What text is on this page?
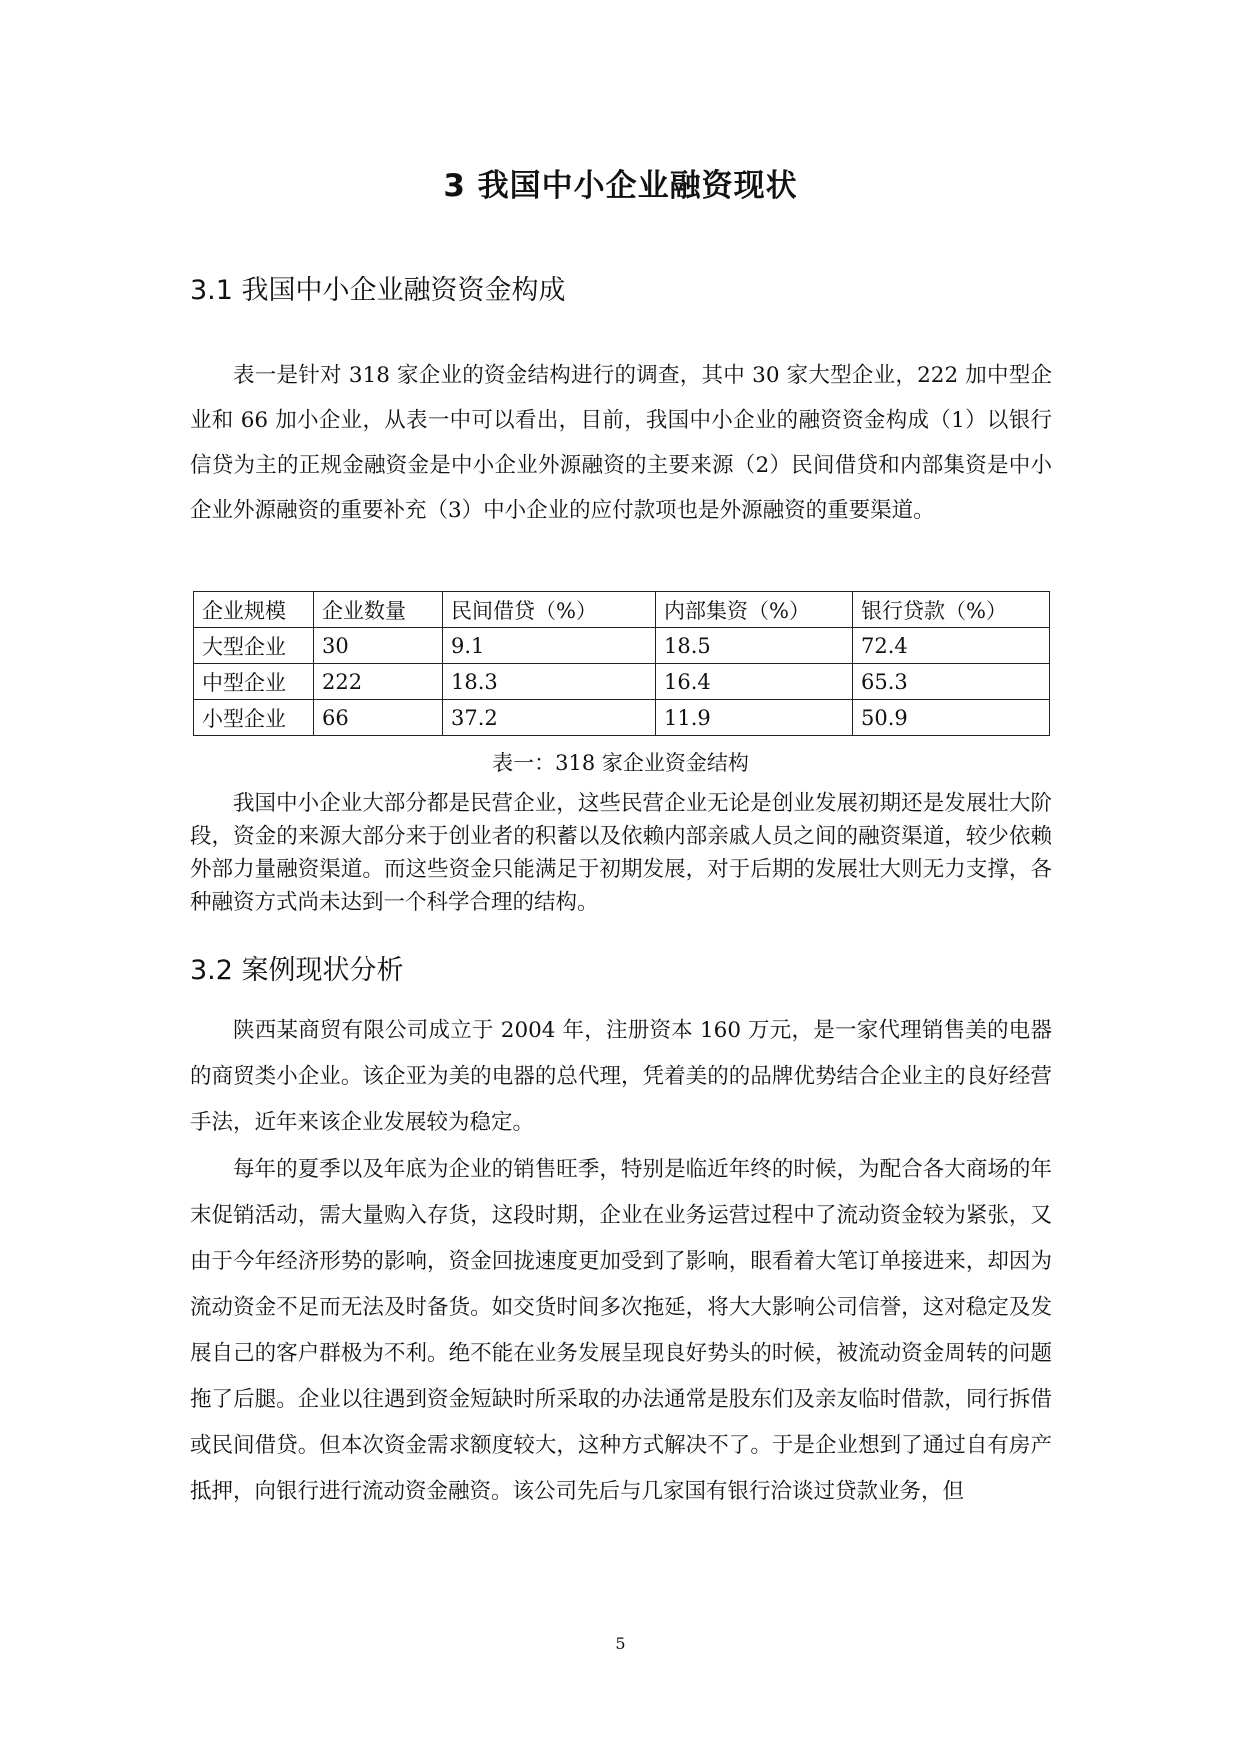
3 我国中小企业融资现状
3.1 我国中小企业融资资金构成

表一是针对 318 家企业的资金结构进行的调查，其中 30 家大型企业，222 加中型企业和 66 加小企业，从表一中可以看出，目前，我国中小企业的融资资金构成（1）以银行信贷为主的正规金融资金是中小企业外源融资的主要来源（2）民间借贷和内部集资是中小企业外源融资的重要补充（3）中小企业的应付款项也是外源融资的重要渠道。

企业规模	企业数量	民间借贷（%）	内部集资（%）	银行贷款（%）
大型企业	30	9.1	18.5	72.4
中型企业	222	18.3	16.4	65.3
小型企业	66	37.2	11.9	50.9
表一：318 家企业资金结构

我国中小企业大部分都是民营企业，这些民营企业无论是创业发展初期还是发展壮大阶段，资金的来源大部分来于创业者的积蓄以及依赖内部亲戚人员之间的融资渠道，较少依赖外部力量融资渠道。而这些资金只能满足于初期发展，对于后期的发展壮大则无力支撑，各种融资方式尚未达到一个科学合理的结构。

3.2 案例现状分析

陕西某商贸有限公司成立于 2004 年，注册资本 160 万元，是一家代理销售美的电器的商贸类小企业。该企亚为美的电器的总代理，凭着美的的品牌优势结合企业主的良好经营手法，近年来该企业发展较为稳定。

每年的夏季以及年底为企业的销售旺季，特别是临近年终的时候，为配合各大商场的年末促销活动，需大量购入存货，这段时期，企业在业务运营过程中了流动资金较为紧张，又由于今年经济形势的影响，资金回拢速度更加受到了影响，眼看着大笔订单接进来，却因为流动资金不足而无法及时备货。如交货时间多次拖延，将大大影响公司信誉，这对稳定及发展自己的客户群极为不利。绝不能在业务发展呈现良好势头的时候，被流动资金周转的问题拖了后腿。企业以往遇到资金短缺时所采取的办法通常是股东们及亲友临时借款，同行拆借或民间借贷。但本次资金需求额度较大，这种方式解决不了。于是企业想到了通过自有房产抵押，向银行进行流动资金融资。该公司先后与几家国有银行洽谈过贷款业务，但

5
